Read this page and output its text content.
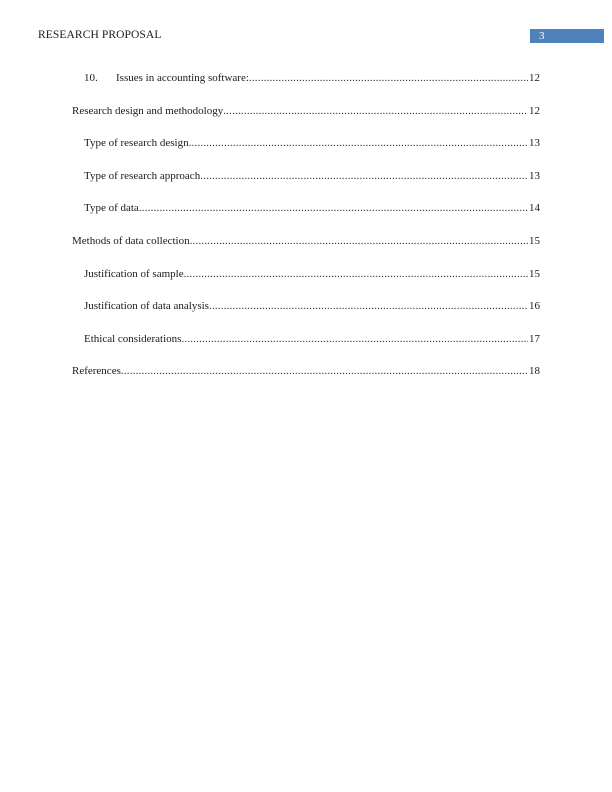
RESEARCH PROPOSAL	3
10.	Issues in accounting software: .....	12
Research design and methodology .....	12
Type of research design .....	13
Type of research approach .....	13
Type of data .....	14
Methods of data collection .....	15
Justification of sample .....	15
Justification of data analysis .....	16
Ethical considerations .....	17
References .....	18
